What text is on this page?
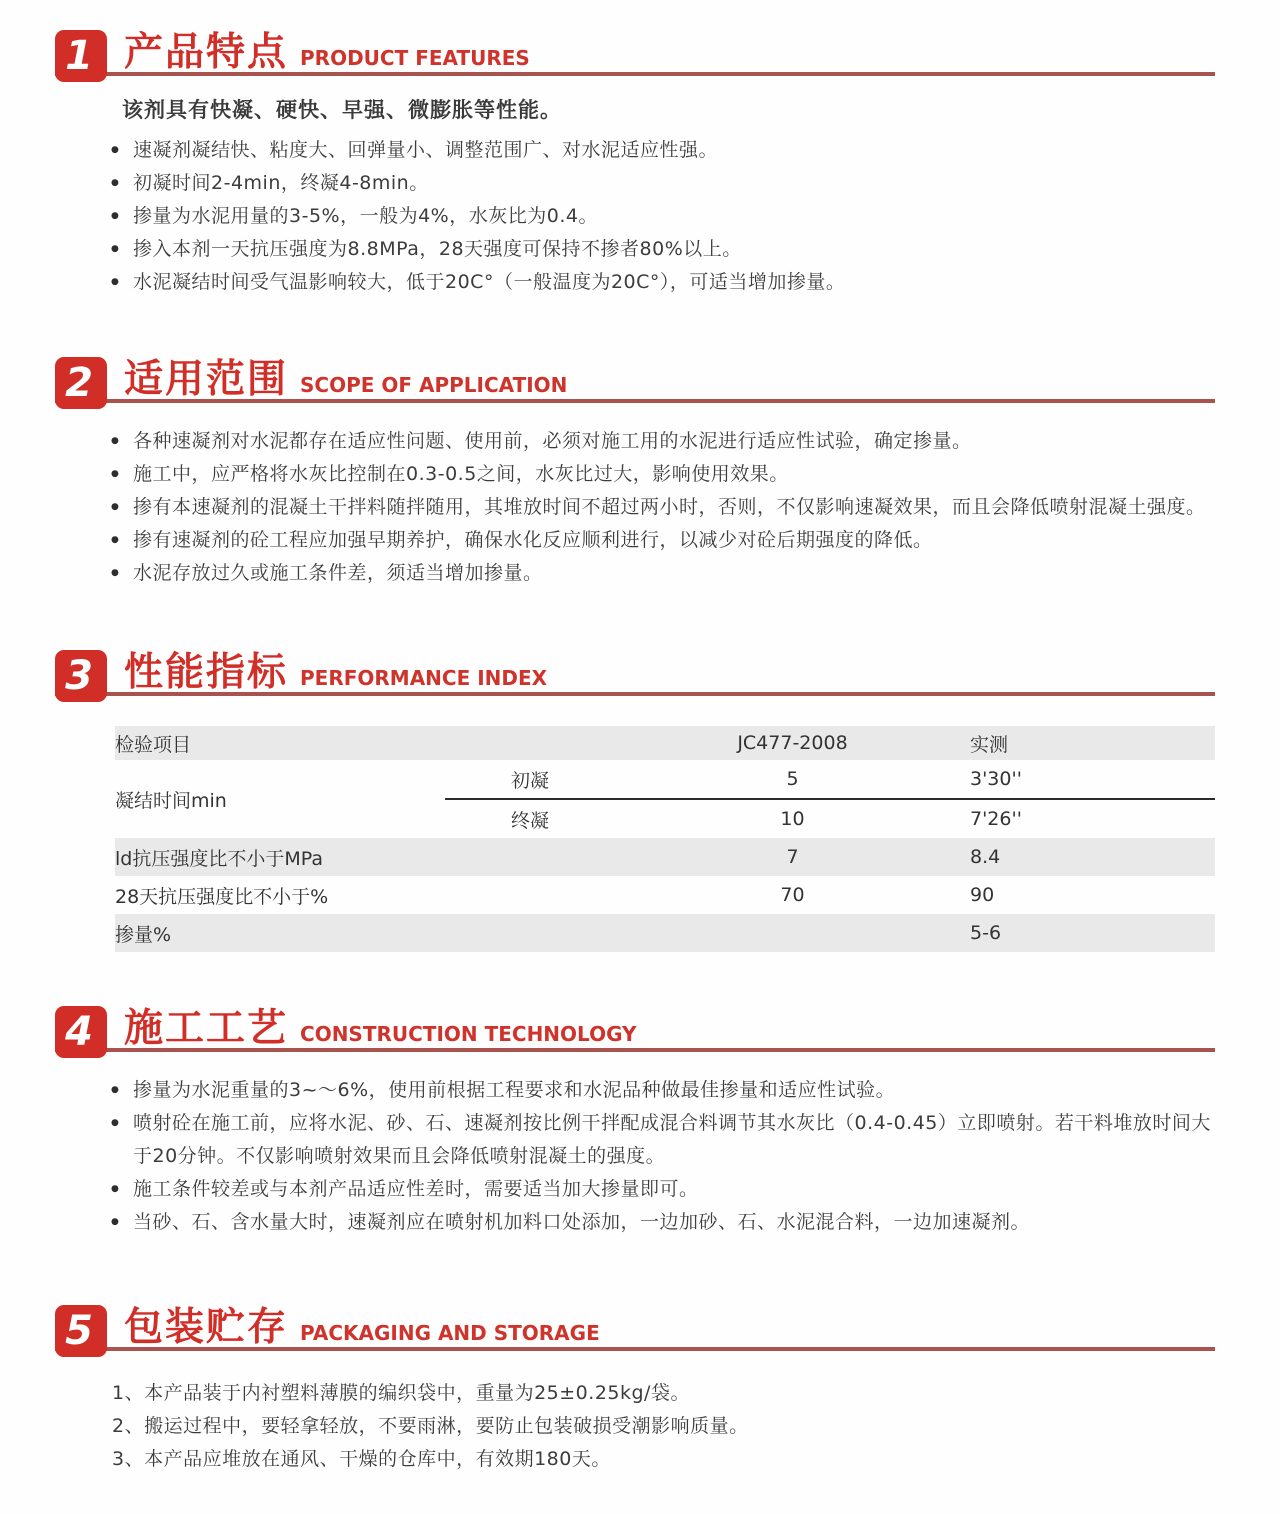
1 产品特点 PRODUCT FEATURES

该剂具有快凝、硬快、早强、微膨胀等性能。

● 速凝剂凝结快、粘度大、回弹量小、调整范围广、对水泥适应性强。
● 初凝时间2-4min，终凝4-8min。
● 掺量为水泥用量的3-5%，一般为4%，水灰比为0.4。
● 掺入本剂一天抗压强度为8.8MPa，28天强度可保持不掺者80%以上。
● 水泥凝结时间受气温影响较大，低于20C°（一般温度为20C°），可适当增加掺量。
2 适用范围 SCOPE OF APPLICATION
● 各种速凝剂对水泥都存在适应性问题、使用前，必须对施工用的水泥进行适应性试验，确定掺量。
● 施工中，应严格将水灰比控制在0.3-0.5之间，水灰比过大，影响使用效果。
● 掺有本速凝剂的混凝土干拌料随拌随用，其堆放时间不超过两小时，否则，不仅影响速凝效果，而且会降低喷射混凝土强度。
● 掺有速凝剂的砼工程应加强早期养护，确保水化反应顺利进行，以减少对砼后期强度的降低。
● 水泥存放过久或施工条件差，须适当增加掺量。
3 性能指标 PERFORMANCE INDEX
检验项目		JC477-2008	实测
凝结时间min	初凝	5	3'30''
	终凝	10	7'26''
ld抗压强度比不小于MPa		7	8.4
28天抗压强度比不小于%		70	90
掺量%			5-6
4 施工工艺 CONSTRUCTION TECHNOLOGY
● 掺量为水泥重量的3~～6%，使用前根据工程要求和水泥品种做最佳掺量和适应性试验。
● 喷射砼在施工前，应将水泥、砂、石、速凝剂按比例干拌配成混合料调节其水灰比（0.4-0.45）立即喷射。若干料堆放时间大于20分钟。不仅影响喷射效果而且会降低喷射混凝土的强度。
● 施工条件较差或与本剂产品适应性差时，需要适当加大掺量即可。
● 当砂、石、含水量大时，速凝剂应在喷射机加料口处添加，一边加砂、石、水泥混合料，一边加速凝剂。
5 包装贮存 PACKAGING AND STORAGE
1、本产品装于内衬塑料薄膜的编织袋中，重量为25±0.25kg/袋。
2、搬运过程中，要轻拿轻放，不要雨淋，要防止包装破损受潮影响质量。
3、本产品应堆放在通风、干燥的仓库中，有效期180天。
